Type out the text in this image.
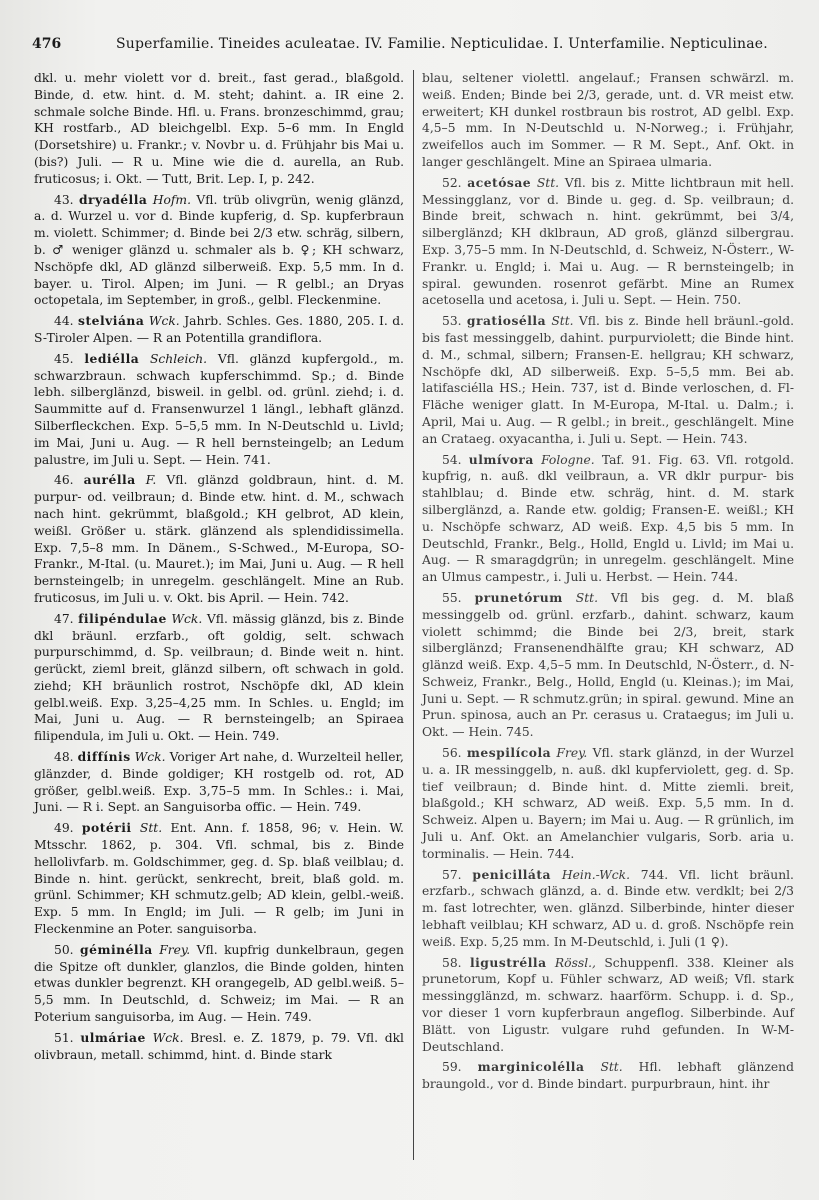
476	Superfamilie. Tineides aculeatae. IV. Familie. Nepticulidae. I. Unterfamilie. Nepticulinae.

dkl. u. mehr violett vor d. breit., fast gerad., blaßgold. Binde, d. etw. hint. d. M. steht; dahint. a. IR eine 2. schmale solche Binde. Hfl. u. Frans. bronzeschimmd, grau; KH rostfarb., AD bleichgelbl. Exp. 5–6 mm. In Engld (Dorsetshire) u. Frankr.; v. Novbr u. d. Frühjahr bis Mai u. (bis?) Juli. — R u. Mine wie die d. aurella, an Rub. fruticosus; i. Okt. — Tutt, Brit. Lep. I, p. 242.

43. dryadélla Hofm. Vfl. trüb olivgrün, wenig glänzd, a. d. Wurzel u. vor d. Binde kupferig, d. Sp. kupferbraun m. violett. Schimmer; d. Binde bei 2/3 etw. schräg, silbern, b. ♂ weniger glänzd u. schmaler als b. ♀; KH schwarz, Nschöpfe dkl, AD glänzd silberweiß. Exp. 5,5 mm. In d. bayer. u. Tirol. Alpen; im Juni. — R gelbl.; an Dryas octopetala, im September, in groß., gelbl. Fleckenmine.

44. stelviána Wck. Jahrb. Schles. Ges. 1880, 205. I. d. S-Tiroler Alpen. — R an Potentilla grandiflora.

45. lediélla Schleich. Vfl. glänzd kupfergold., m. schwarzbraun. schwach kupferschimmd. Sp.; d. Binde lebh. silberglänzd, bisweil. in gelbl. od. grünl. ziehd; i. d. Saummitte auf d. Fransenwurzel 1 längl., lebhaft glänzd. Silberfleckchen. Exp. 5–5,5 mm. In N-Deutschld u. Livld; im Mai, Juni u. Aug. — R hell bernsteingelb; an Ledum palustre, im Juli u. Sept. — Hein. 741.

46. aurélla F. Vfl. glänzd goldbraun, hint. d. M. purpur- od. veilbraun; d. Binde etw. hint. d. M., schwach nach hint. gekrümmt, blaßgold.; KH gelbrot, AD klein, weißl. Größer u. stärk. glänzend als splendidissimella. Exp. 7,5–8 mm. In Dänem., S-Schwed., M-Europa, SO-Frankr., M-Ital. (u. Mauret.); im Mai, Juni u. Aug. — R hell bernsteingelb; in unregelm. geschlängelt. Mine an Rub. fruticosus, im Juli u. v. Okt. bis April. — Hein. 742.

47. filipéndulae Wck. Vfl. mässig glänzd, bis z. Binde dkl bräunl. erzfarb., oft goldig, selt. schwach purpurschimmd, d. Sp. veilbraun; d. Binde weit n. hint. gerückt, zieml breit, glänzd silbern, oft schwach in gold. ziehd; KH bräunlich rostrot, Nschöpfe dkl, AD klein gelbl.weiß. Exp. 3,25–4,25 mm. In Schles. u. Engld; im Mai, Juni u. Aug. — R bernsteingelb; an Spiraea filipendula, im Juli u. Okt. — Hein. 749.

48. diffínis Wck. Voriger Art nahe, d. Wurzelteil heller, glänzder, d. Binde goldiger; KH rostgelb od. rot, AD größer, gelbl.weiß. Exp. 3,75–5 mm. In Schles.: i. Mai, Juni. — R i. Sept. an Sanguisorba offic. — Hein. 749.

49. potérii Stt. Ent. Ann. f. 1858, 96; v. Hein. W. Mtsschr. 1862, p. 304. Vfl. schmal, bis z. Binde hellolivfarb. m. Goldschimmer, geg. d. Sp. blaß veilblau; d. Binde n. hint. gerückt, senkrecht, breit, blaß gold. m. grünl. Schimmer; KH schmutz.gelb; AD klein, gelbl.-weiß. Exp. 5 mm. In Engld; im Juli. — R gelb; im Juni in Fleckenmine an Poter. sanguisorba.

50. géminélla Frey. Vfl. kupfrig dunkelbraun, gegen die Spitze oft dunkler, glanzlos, die Binde golden, hinten etwas dunkler begrenzt. KH orangegelb, AD gelbl.weiß. 5–5,5 mm. In Deutschld, d. Schweiz; im Mai. — R an Poterium sanguisorba, im Aug. — Hein. 749.

51. ulmáriae Wck. Bresl. e. Z. 1879, p. 79. Vfl. dkl olivbraun, metall. schimmd, hint. d. Binde stark

blau, seltener violettl. angelauf.; Fransen schwärzl. m. weiß. Enden; Binde bei 2/3, gerade, unt. d. VR meist etw. erweitert; KH dunkel rostbraun bis rostrot, AD gelbl. Exp. 4,5–5 mm. In N-Deutschld u. N-Norweg.; i. Frühjahr, zweifellos auch im Sommer. — R M. Sept., Anf. Okt. in langer geschlängelt. Mine an Spiraea ulmaria.

52. acetósae Stt. Vfl. bis z. Mitte lichtbraun mit hell. Messingglanz, vor d. Binde u. geg. d. Sp. veilbraun; d. Binde breit, schwach n. hint. gekrümmt, bei 3/4, silberglänzd; KH dklbraun, AD groß, glänzd silbergrau. Exp. 3,75–5 mm. In N-Deutschld, d. Schweiz, N-Österr., W-Frankr. u. Engld; i. Mai u. Aug. — R bernsteingelb; in spiral. gewunden. rosenrot gefärbt. Mine an Rumex acetosella und acetosa, i. Juli u. Sept. — Hein. 750.

53. gratiosélla Stt. Vfl. bis z. Binde hell bräunl.-gold. bis fast messinggelb, dahint. purpurviolett; die Binde hint. d. M., schmal, silbern; Fransen-E. hellgrau; KH schwarz, Nschöpfe dkl, AD silberweiß. Exp. 5–5,5 mm. Bei ab. latifasciélla HS.; Hein. 737, ist d. Binde verloschen, d. Fl-Fläche weniger glatt. In M-Europa, M-Ital. u. Dalm.; i. April, Mai u. Aug. — R gelbl.; in breit., geschlängelt. Mine an Crataeg. oxyacantha, i. Juli u. Sept. — Hein. 743.

54. ulmívora Fologne. Taf. 91. Fig. 63. Vfl. rotgold. kupfrig, n. auß. dkl veilbraun, a. VR dklr purpur- bis stahlblau; d. Binde etw. schräg, hint. d. M. stark silberglänzd, a. Rande etw. goldig; Fransen-E. weißl.; KH u. Nschöpfe schwarz, AD weiß. Exp. 4,5 bis 5 mm. In Deutschld, Frankr., Belg., Holld, Engld u. Livld; im Mai u. Aug. — R smaragdgrün; in unregelm. geschlängelt. Mine an Ulmus campestr., i. Juli u. Herbst. — Hein. 744.

55. prunetórum Stt. Vfl bis geg. d. M. blaß messinggelb od. grünl. erzfarb., dahint. schwarz, kaum violett schimmd; die Binde bei 2/3, breit, stark silberglänzd; Fransenendhälfte grau; KH schwarz, AD glänzd weiß. Exp. 4,5–5 mm. In Deutschld, N-Österr., d. N-Schweiz, Frankr., Belg., Holld, Engld (u. Kleinas.); im Mai, Juni u. Sept. — R schmutz.grün; in spiral. gewund. Mine an Prun. spinosa, auch an Pr. cerasus u. Crataegus; im Juli u. Okt. — Hein. 745.

56. mespilícola Frey. Vfl. stark glänzd, in der Wurzel u. a. IR messinggelb, n. auß. dkl kupferviolett, geg. d. Sp. tief veilbraun; d. Binde hint. d. Mitte ziemli. breit, blaßgold.; KH schwarz, AD weiß. Exp. 5,5 mm. In d. Schweiz. Alpen u. Bayern; im Mai u. Aug. — R grünlich, im Juli u. Anf. Okt. an Amelanchier vulgaris, Sorb. aria u. torminalis. — Hein. 744.

57. penicilláta Hein.-Wck. 744. Vfl. licht bräunl. erzfarb., schwach glänzd, a. d. Binde etw. verdklt; bei 2/3 m. fast lotrechter, wen. glänzd. Silberbinde, hinter dieser lebhaft veilblau; KH schwarz, AD u. d. groß. Nschöpfe rein weiß. Exp. 5,25 mm. In M-Deutschld, i. Juli (1 ♀).

58. ligustrélla Rössl., Schuppenfl. 338. Kleiner als prunetorum, Kopf u. Fühler schwarz, AD weiß; Vfl. stark messingglänzd, m. schwarz. haarförm. Schupp. i. d. Sp., vor dieser 1 vorn kupferbraun angeflog. Silberbinde. Auf Blätt. von Ligustr. vulgare ruhd gefunden. In W-M-Deutschland.

59. marginicolélla Stt. Hfl. lebhaft glänzend braungold., vor d. Binde bindart. purpurbraun, hint. ihr
